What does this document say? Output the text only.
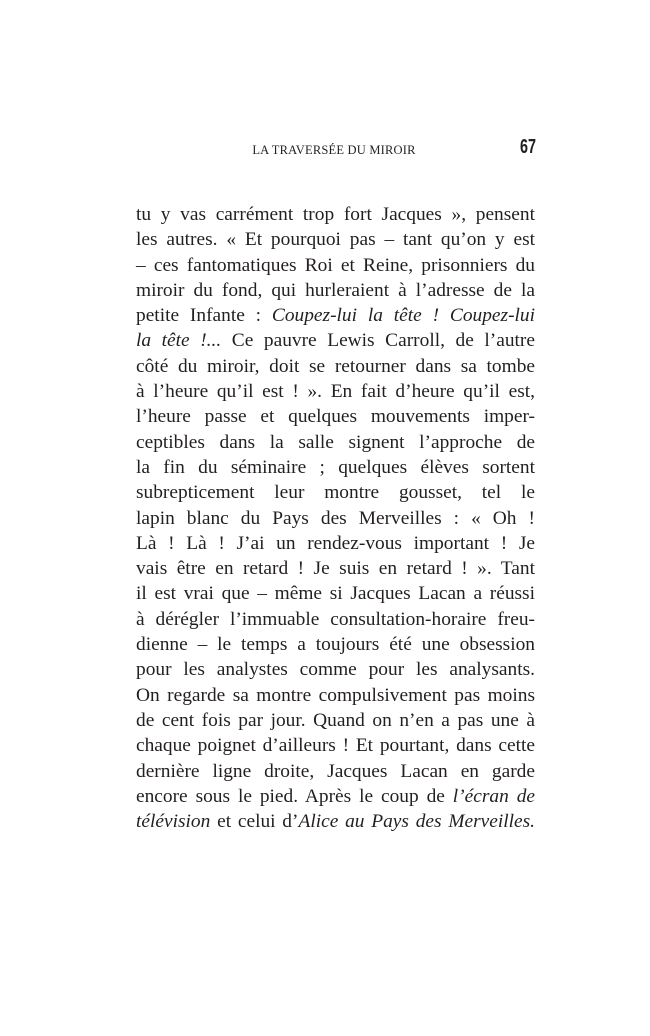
LA TRAVERSÉE DU MIROIR	67
tu y vas carrément trop fort Jacques », pensent
les autres. « Et pourquoi pas – tant qu’on y est
– ces fantomatiques Roi et Reine, prisonniers du
miroir du fond, qui hurleraient à l’adresse de la
petite Infante : Coupez-lui la tête ! Coupez-lui
la tête !... Ce pauvre Lewis Carroll, de l’autre
côté du miroir, doit se retourner dans sa tombe
à l’heure qu’il est ! ». En fait d’heure qu’il est,
l’heure passe et quelques mouvements imper-
ceptibles dans la salle signent l’approche de
la fin du séminaire ; quelques élèves sortent
subrepticement leur montre gousset, tel le
lapin blanc du Pays des Merveilles : « Oh !
Là ! Là ! J’ai un rendez-vous important ! Je
vais être en retard ! Je suis en retard ! ». Tant
il est vrai que – même si Jacques Lacan a réussi
à dérégler l’immuable consultation-horaire freu-
dienne – le temps a toujours été une obsession
pour les analystes comme pour les analysants.
On regarde sa montre compulsivement pas moins
de cent fois par jour. Quand on n’en a pas une à
chaque poignet d’ailleurs ! Et pourtant, dans cette
dernière ligne droite, Jacques Lacan en garde
encore sous le pied. Après le coup de l’écran de
télévision et celui d’Alice au Pays des Merveilles.
